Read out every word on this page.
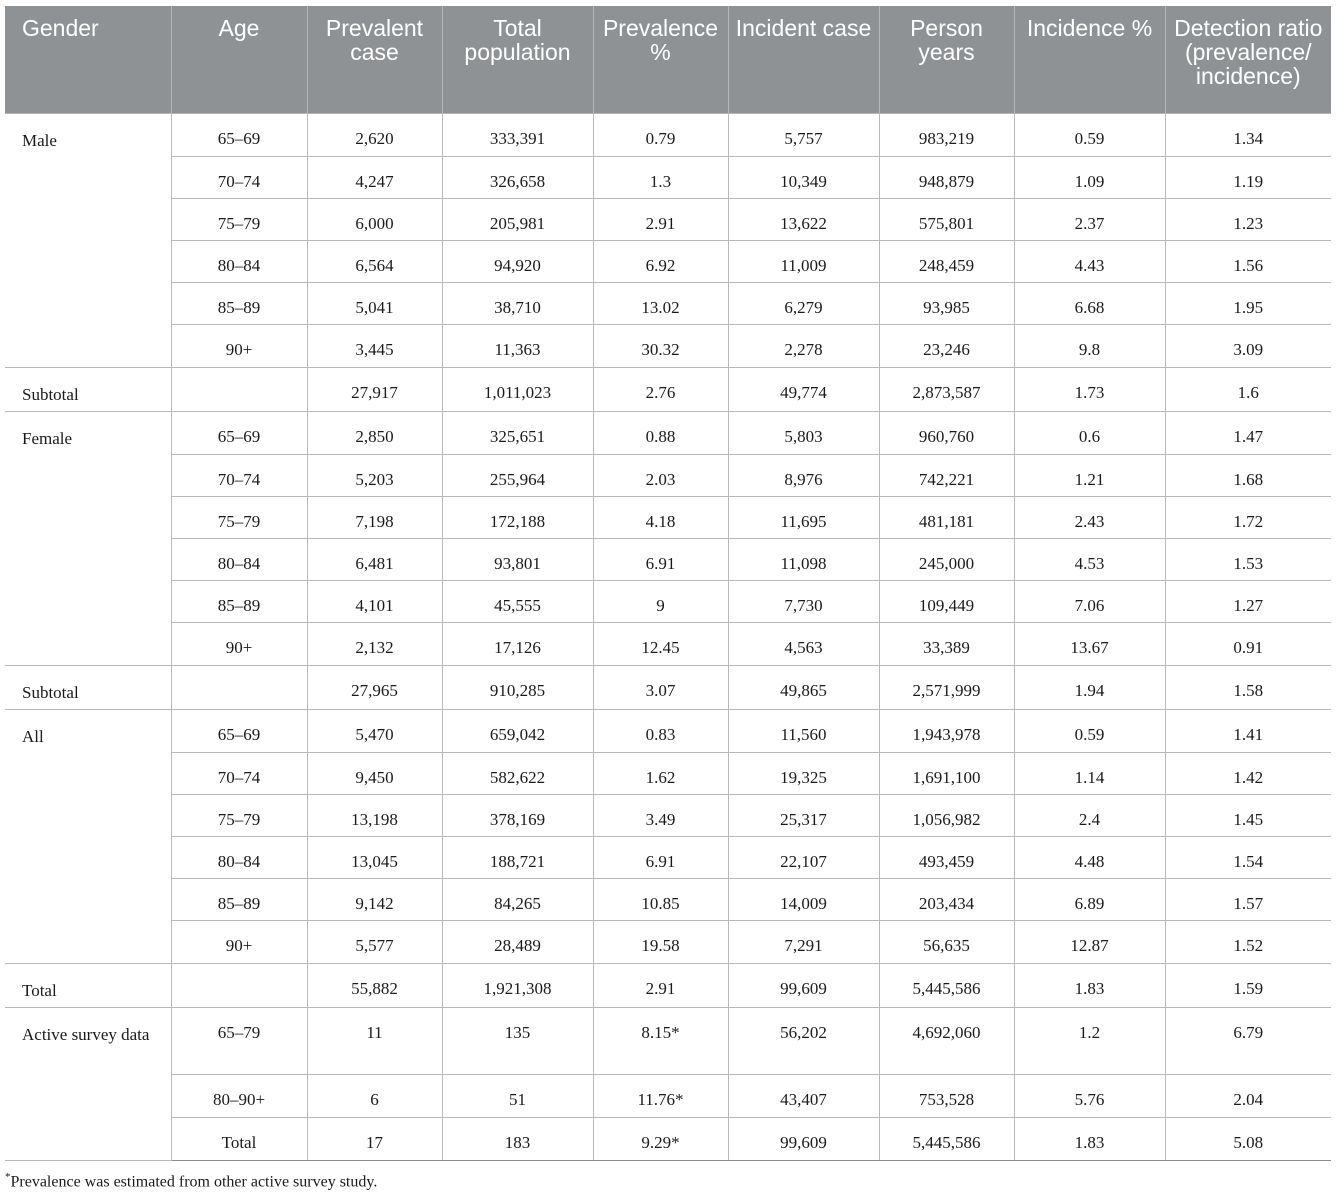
Gender	Age	Prevalent case	Total population	Prevalence %	Incident case	Person years	Incidence %	Detection ratio (prevalence/ incidence)
Male	65–69	2,620	333,391	0.79	5,757	983,219	0.59	1.34
	70–74	4,247	326,658	1.3	10,349	948,879	1.09	1.19
	75–79	6,000	205,981	2.91	13,622	575,801	2.37	1.23
	80–84	6,564	94,920	6.92	11,009	248,459	4.43	1.56
	85–89	5,041	38,710	13.02	6,279	93,985	6.68	1.95
	90+	3,445	11,363	30.32	2,278	23,246	9.8	3.09
Subtotal		27,917	1,011,023	2.76	49,774	2,873,587	1.73	1.6
Female	65–69	2,850	325,651	0.88	5,803	960,760	0.6	1.47
	70–74	5,203	255,964	2.03	8,976	742,221	1.21	1.68
	75–79	7,198	172,188	4.18	11,695	481,181	2.43	1.72
	80–84	6,481	93,801	6.91	11,098	245,000	4.53	1.53
	85–89	4,101	45,555	9	7,730	109,449	7.06	1.27
	90+	2,132	17,126	12.45	4,563	33,389	13.67	0.91
Subtotal		27,965	910,285	3.07	49,865	2,571,999	1.94	1.58
All	65–69	5,470	659,042	0.83	11,560	1,943,978	0.59	1.41
	70–74	9,450	582,622	1.62	19,325	1,691,100	1.14	1.42
	75–79	13,198	378,169	3.49	25,317	1,056,982	2.4	1.45
	80–84	13,045	188,721	6.91	22,107	493,459	4.48	1.54
	85–89	9,142	84,265	10.85	14,009	203,434	6.89	1.57
	90+	5,577	28,489	19.58	7,291	56,635	12.87	1.52
Total		55,882	1,921,308	2.91	99,609	5,445,586	1.83	1.59
Active survey data	65–79	11	135	8.15*	56,202	4,692,060	1.2	6.79
	80–90+	6	51	11.76*	43,407	753,528	5.76	2.04
	Total	17	183	9.29*	99,609	5,445,586	1.83	5.08
*Prevalence was estimated from other active survey study.
